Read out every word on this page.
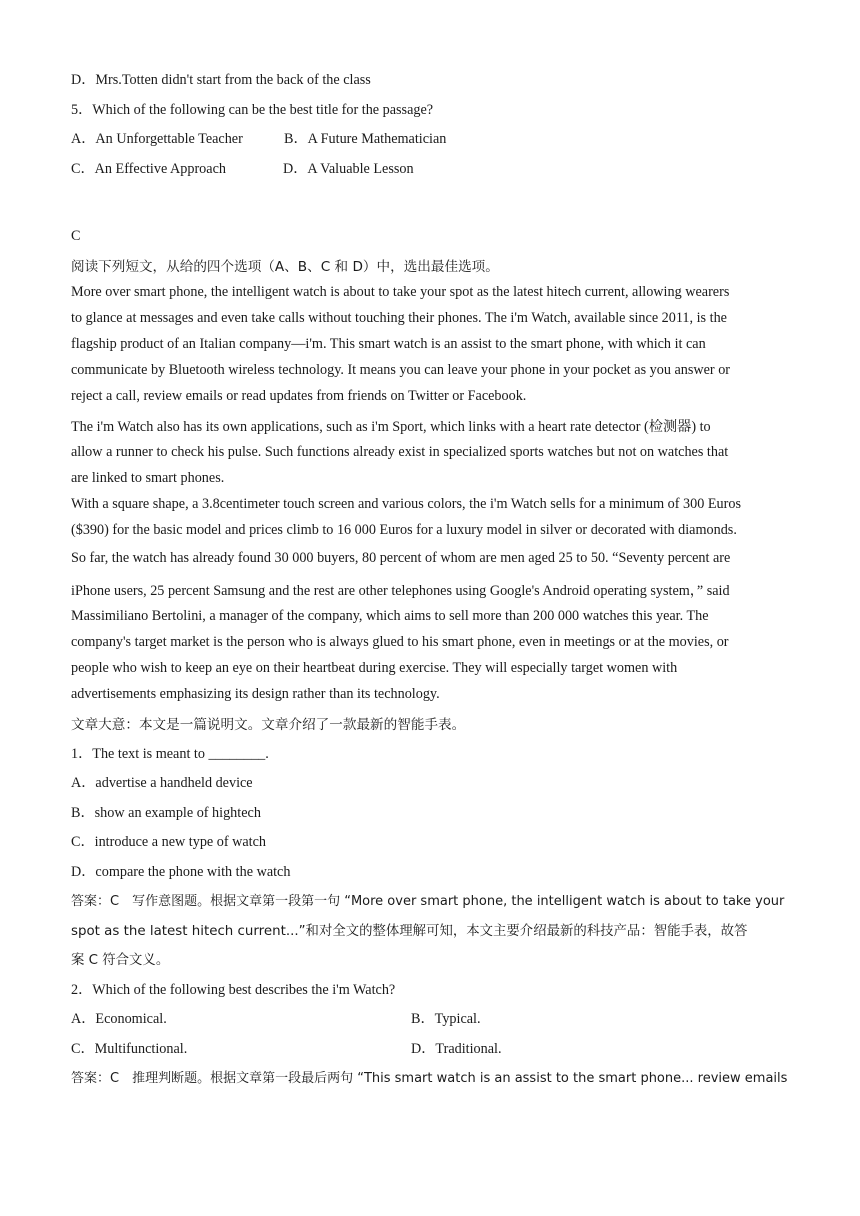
D．Mrs.Totten didn't start from the back of the class
5．Which of the following can be the best title for the passage?
A．An Unforgettable Teacher	B．A Future Mathematician
C．An Effective Approach	D．A Valuable Lesson
C
阅读下列短文，从给的四个选项（A、B、C 和 D）中，选出最佳选项。
More over smart phone, the intelligent watch is about to take your spot as the latest hitech current, allowing wearers
to glance at messages and even take calls without touching their phones. The i'm Watch, available since 2011, is the
flagship product of an Italian company—i'm. This smart watch is an assist to the smart phone, with which it can
communicate by Bluetooth wireless technology. It means you can leave your phone in your pocket as you answer or
reject a call, review emails or read updates from friends on Twitter or Facebook.
The i'm Watch also has its own applications, such as i'm Sport, which links with a heart rate detector (检测器) to
allow a runner to check his pulse. Such functions already exist in specialized sports watches but not on watches that
are linked to smart phones.
With a square shape, a 3.8centimeter touch screen and various colors, the i'm Watch sells for a minimum of 300 Euros
($390) for the basic model and prices climb to 16 000 Euros for a luxury model in silver or decorated with diamonds.
So far, the watch has already found 30 000 buyers, 80 percent of whom are men aged 25 to 50. “Seventy percent are
iPhone users, 25 percent Samsung and the rest are other telephones using Google's Android operating system，” said
Massimiliano Bertolini, a manager of the company, which aims to sell more than 200 000 watches this year. The
company's target market is the person who is always glued to his smart phone, even in meetings or at the movies, or
people who wish to keep an eye on their heartbeat during exercise. They will especially target women with
advertisements emphasizing its design rather than its technology.
文章大意：本文是一篇说明文。文章介绍了一款最新的智能手表。
1．The text is meant to ________.
A．advertise a handheld device
B．show an example of hightech
C．introduce a new type of watch
D．compare the phone with the watch
答案：C　写作意图题。根据文章第一段第一句 “More over smart phone, the intelligent watch is about to take your
spot as the latest hitech current...”和对全文的整体理解可知，本文主要介绍最新的科技产品：智能手表，故答
案 C 符合文义。
2．Which of the following best describes the i'm Watch?
A．Economical.	B．Typical.
C．Multifunctional.	D．Traditional.
答案：C　推理判断题。根据文章第一段最后两句 “This smart watch is an assist to the smart phone... review emails
